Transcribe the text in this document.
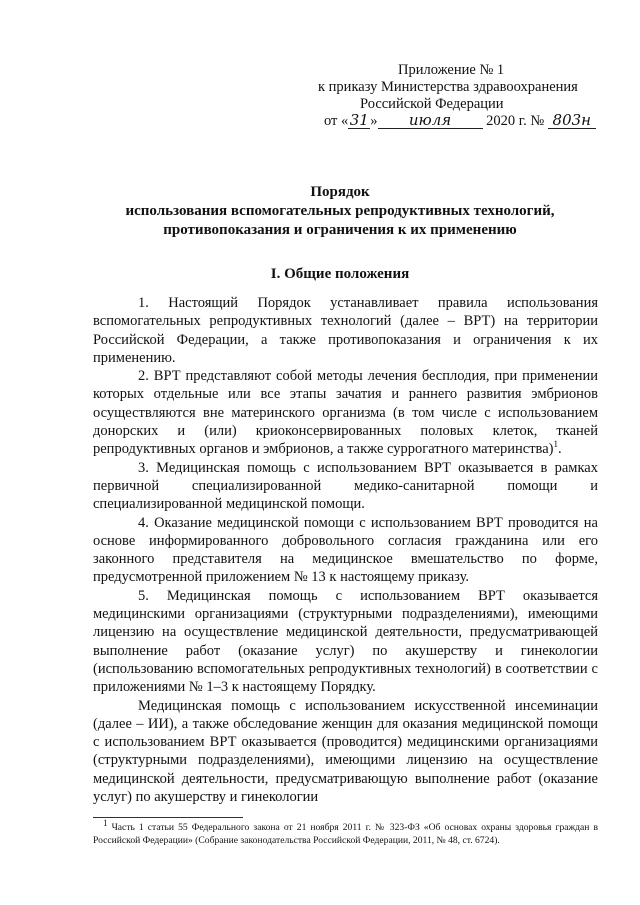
Приложение № 1
к приказу Министерства здравоохранения
Российской Федерации
от «31» июля 2020 г. № 803н
Порядок
использования вспомогательных репродуктивных технологий,
противопоказания и ограничения к их применению
I. Общие положения

1. Настоящий Порядок устанавливает правила использования вспомогательных репродуктивных технологий (далее – ВРТ) на территории Российской Федерации, а также противопоказания и ограничения к их применению.

2. ВРТ представляют собой методы лечения бесплодия, при применении которых отдельные или все этапы зачатия и раннего развития эмбрионов осуществляются вне материнского организма (в том числе с использованием донорских и (или) криоконсервированных половых клеток, тканей репродуктивных органов и эмбрионов, а также суррогатного материнства)$^1$.

3. Медицинская помощь с использованием ВРТ оказывается в рамках первичной специализированной медико-санитарной помощи и специализированной медицинской помощи.

4. Оказание медицинской помощи с использованием ВРТ проводится на основе информированного добровольного согласия гражданина или его законного представителя на медицинское вмешательство по форме, предусмотренной приложением № 13 к настоящему приказу.

5. Медицинская помощь с использованием ВРТ оказывается медицинскими организациями (структурными подразделениями), имеющими лицензию на осуществление медицинской деятельности, предусматривающей выполнение работ (оказание услуг) по акушерству и гинекологии (использованию вспомогательных репродуктивных технологий) в соответствии с приложениями № 1–3 к настоящему Порядку.

Медицинская помощь с использованием искусственной инсеминации (далее – ИИ), а также обследование женщин для оказания медицинской помощи с использованием ВРТ оказывается (проводится) медицинскими организациями (структурными подразделениями), имеющими лицензию на осуществление медицинской деятельности, предусматривающую выполнение работ (оказание услуг) по акушерству и гинекологии

$^1$ Часть 1 статьи 55 Федерального закона от 21 ноября 2011 г. № 323-ФЗ «Об основах охраны здоровья граждан в Российской Федерации» (Собрание законодательства Российской Федерации, 2011, № 48, ст. 6724).
